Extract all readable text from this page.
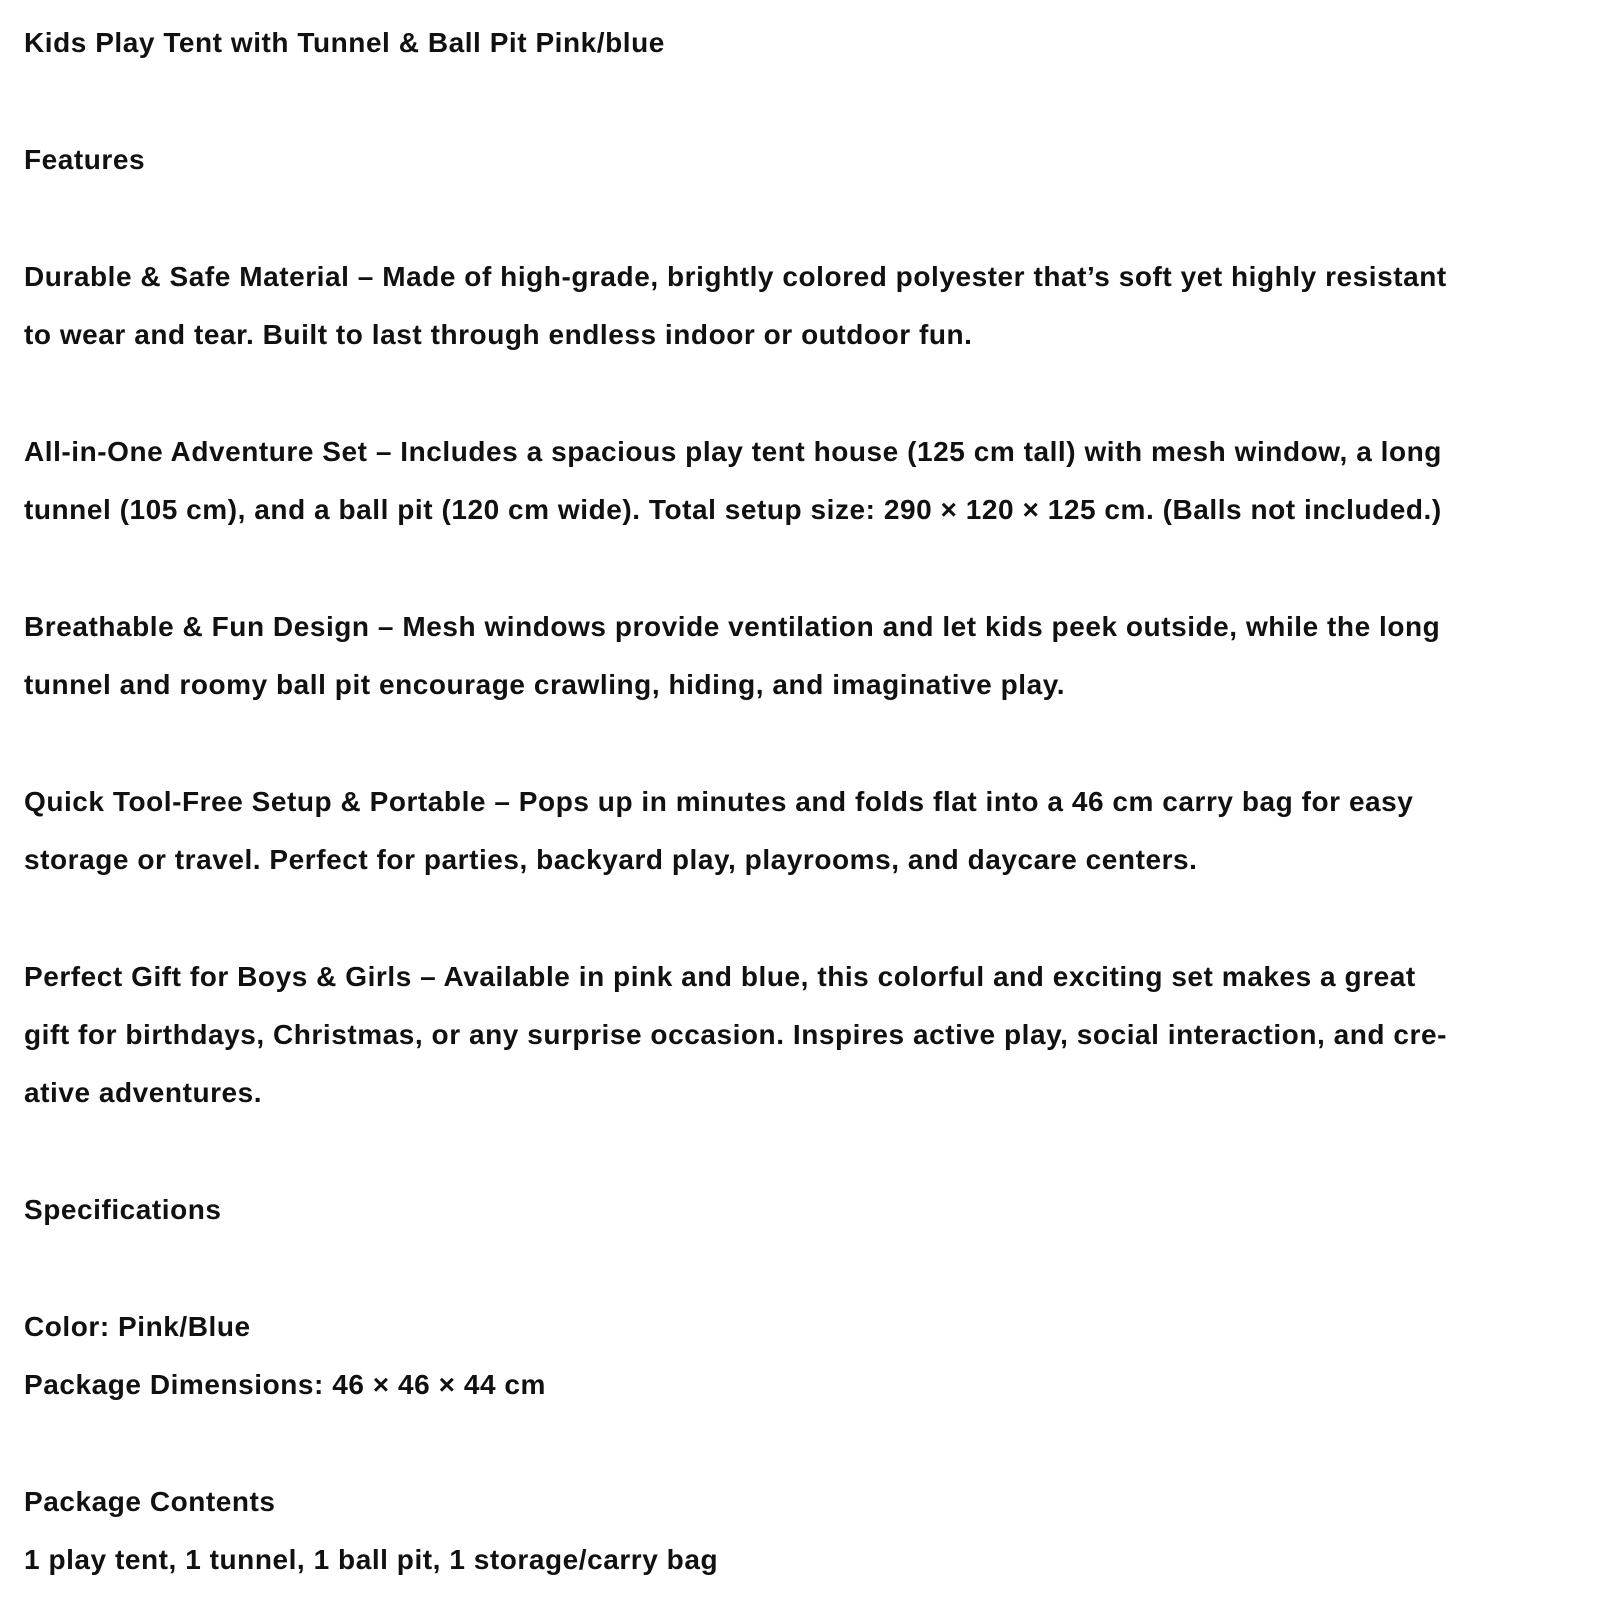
Kids Play Tent with Tunnel & Ball Pit Pink/blue
Features
Durable & Safe Material – Made of high-grade, brightly colored polyester that’s soft yet highly resistant
to wear and tear. Built to last through endless indoor or outdoor fun.
All-in-One Adventure Set – Includes a spacious play tent house (125 cm tall) with mesh window, a long
tunnel (105 cm), and a ball pit (120 cm wide). Total setup size: 290 × 120 × 125 cm. (Balls not included.)
Breathable & Fun Design – Mesh windows provide ventilation and let kids peek outside, while the long
tunnel and roomy ball pit encourage crawling, hiding, and imaginative play.
Quick Tool-Free Setup & Portable – Pops up in minutes and folds flat into a 46 cm carry bag for easy
storage or travel. Perfect for parties, backyard play, playrooms, and daycare centers.
Perfect Gift for Boys & Girls – Available in pink and blue, this colorful and exciting set makes a great
gift for birthdays, Christmas, or any surprise occasion. Inspires active play, social interaction, and cre-
ative adventures.
Specifications
Color: Pink/Blue
Package Dimensions: 46 × 46 × 44 cm
Package Contents
1 play tent, 1 tunnel, 1 ball pit, 1 storage/carry bag
